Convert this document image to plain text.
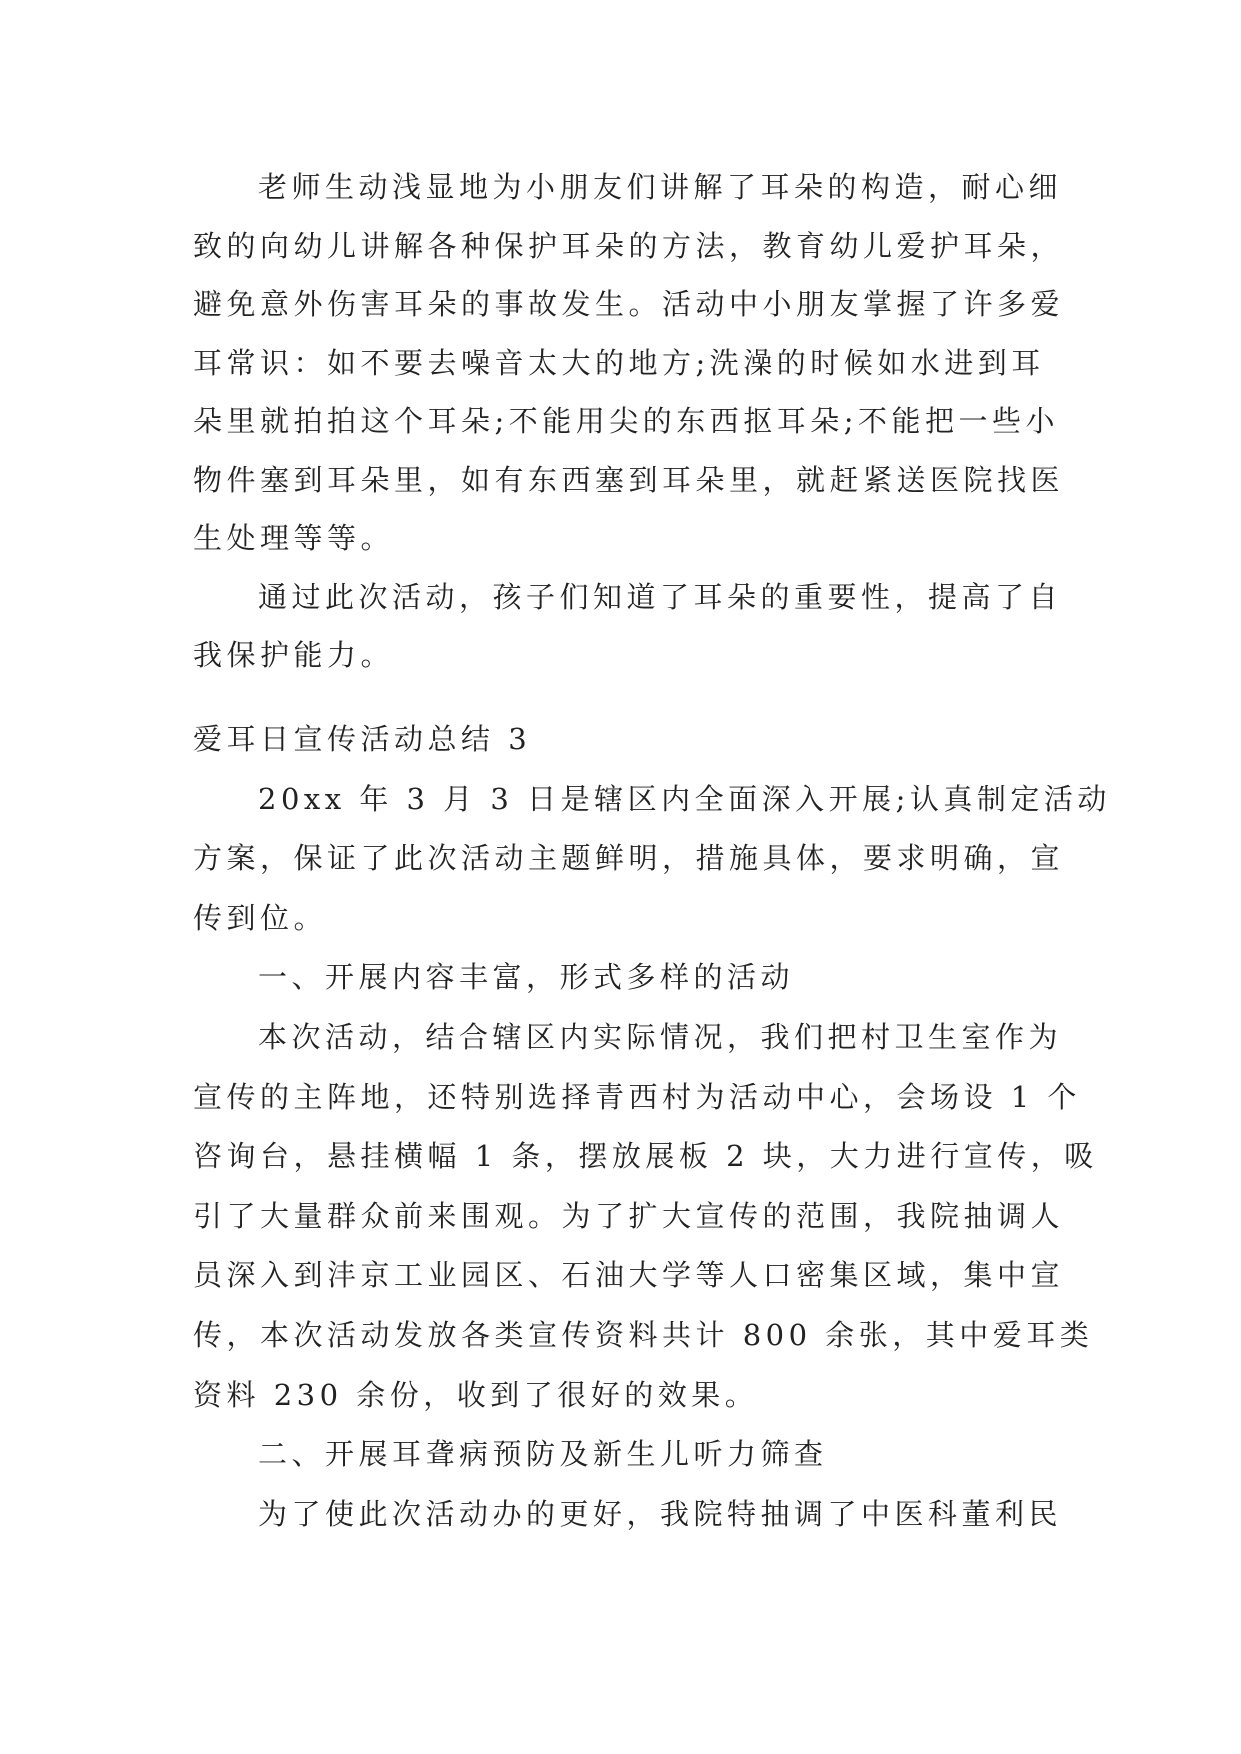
老师生动浅显地为小朋友们讲解了耳朵的构造，耐心细
致的向幼儿讲解各种保护耳朵的方法，教育幼儿爱护耳朵，
避免意外伤害耳朵的事故发生。活动中小朋友掌握了许多爱
耳常识：如不要去噪音太大的地方;洗澡的时候如水进到耳
朵里就拍拍这个耳朵;不能用尖的东西抠耳朵;不能把一些小
物件塞到耳朵里，如有东西塞到耳朵里，就赶紧送医院找医
生处理等等。
通过此次活动，孩子们知道了耳朵的重要性，提高了自
我保护能力。
爱耳日宣传活动总结 3
20xx 年 3 月 3 日是辖区内全面深入开展;认真制定活动
方案，保证了此次活动主题鲜明，措施具体，要求明确，宣
传到位。
一、开展内容丰富，形式多样的活动
本次活动，结合辖区内实际情况，我们把村卫生室作为
宣传的主阵地，还特别选择青西村为活动中心，会场设 1 个
咨询台，悬挂横幅 1 条，摆放展板 2 块，大力进行宣传，吸
引了大量群众前来围观。为了扩大宣传的范围，我院抽调人
员深入到沣京工业园区、石油大学等人口密集区域，集中宣
传，本次活动发放各类宣传资料共计 800 余张，其中爱耳类
资料 230 余份，收到了很好的效果。
二、开展耳聋病预防及新生儿听力筛查
为了使此次活动办的更好，我院特抽调了中医科董利民
